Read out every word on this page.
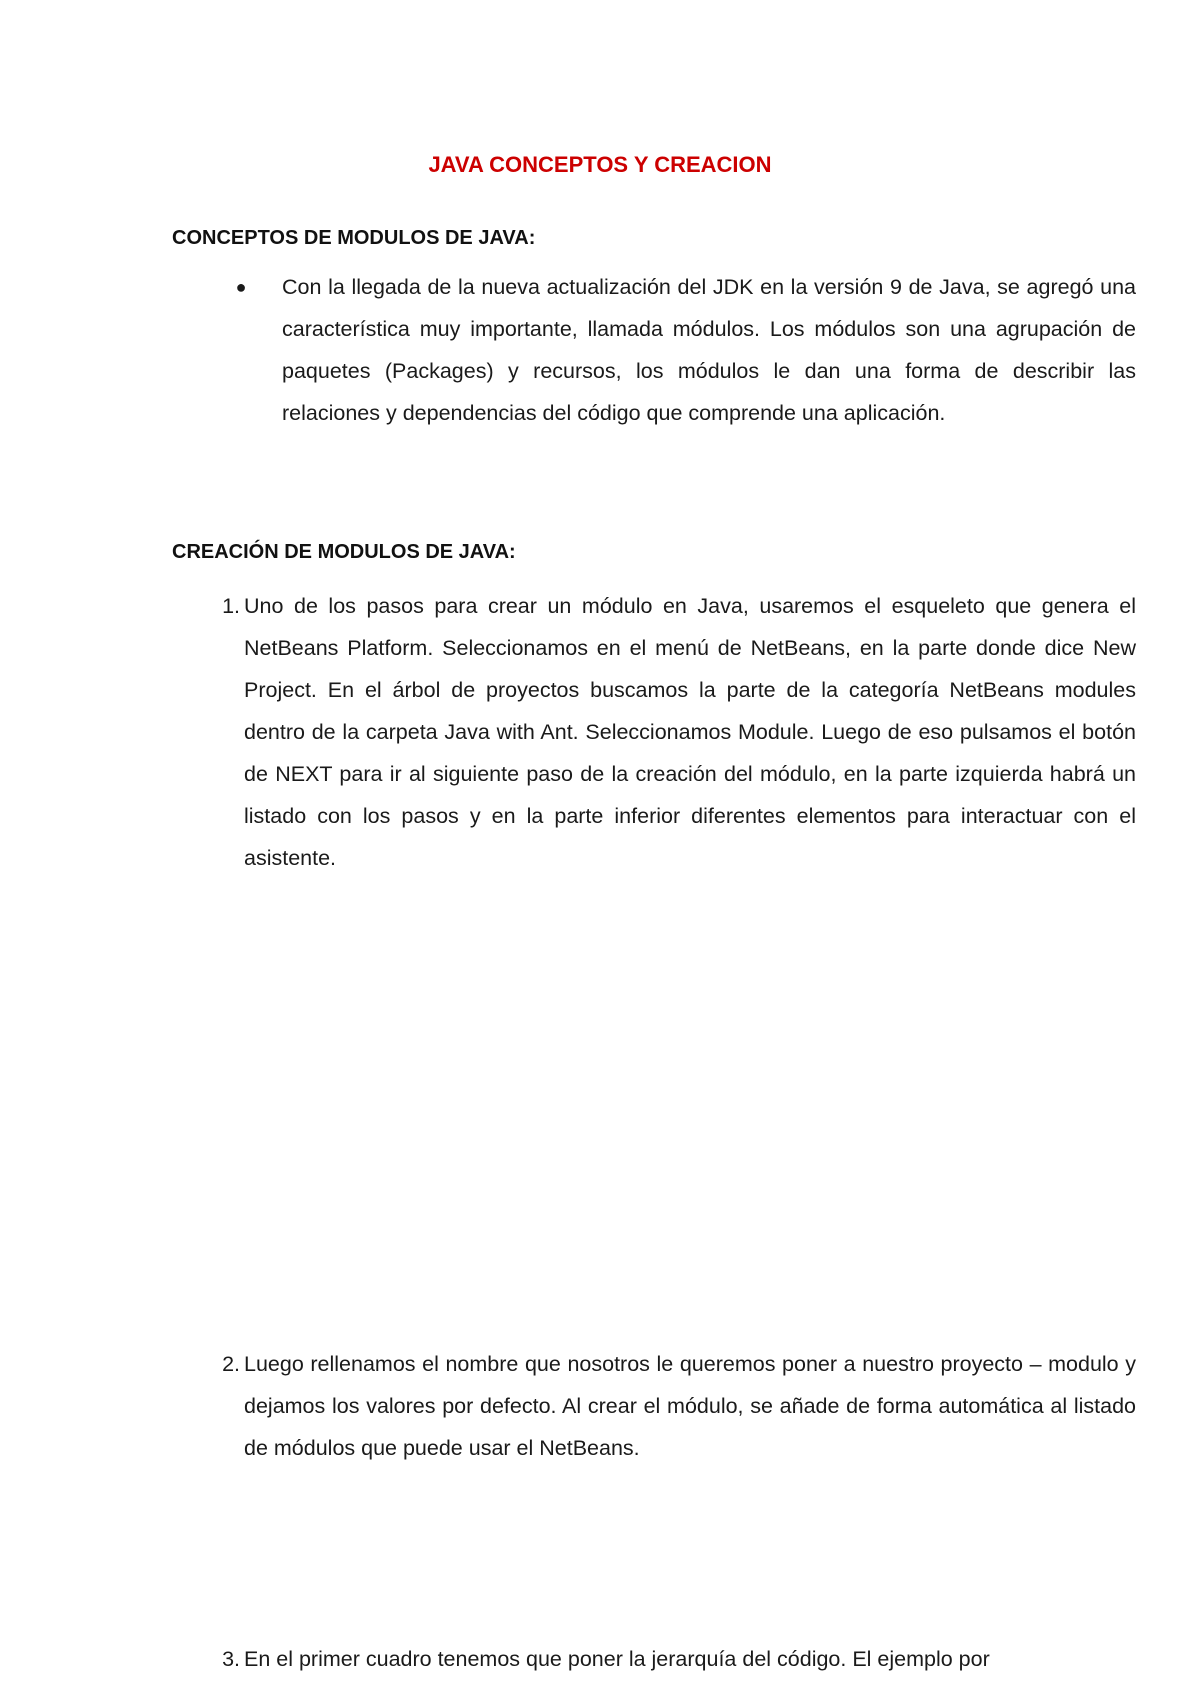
JAVA CONCEPTOS Y CREACION
CONCEPTOS DE MODULOS DE JAVA:
● Con la llegada de la nueva actualización del JDK en la versión 9 de Java, se agregó una característica muy importante, llamada módulos. Los módulos son una agrupación de paquetes (Packages) y recursos, los módulos le dan una forma de describir las relaciones y dependencias del código que comprende una aplicación.
CREACIÓN DE MODULOS DE JAVA:
1. Uno de los pasos para crear un módulo en Java, usaremos el esqueleto que genera el NetBeans Platform. Seleccionamos en el menú de NetBeans, en la parte donde dice New Project. En el árbol de proyectos buscamos la parte de la categoría NetBeans modules dentro de la carpeta Java with Ant. Seleccionamos Module. Luego de eso pulsamos el botón de NEXT para ir al siguiente paso de la creación del módulo, en la parte izquierda habrá un listado con los pasos y en la parte inferior diferentes elementos para interactuar con el asistente.
2. Luego rellenamos el nombre que nosotros le queremos poner a nuestro proyecto – modulo y dejamos los valores por defecto. Al crear el módulo, se añade de forma automática al listado de módulos que puede usar el NetBeans.
3. En el primer cuadro tenemos que poner la jerarquía del código. El ejemplo por
